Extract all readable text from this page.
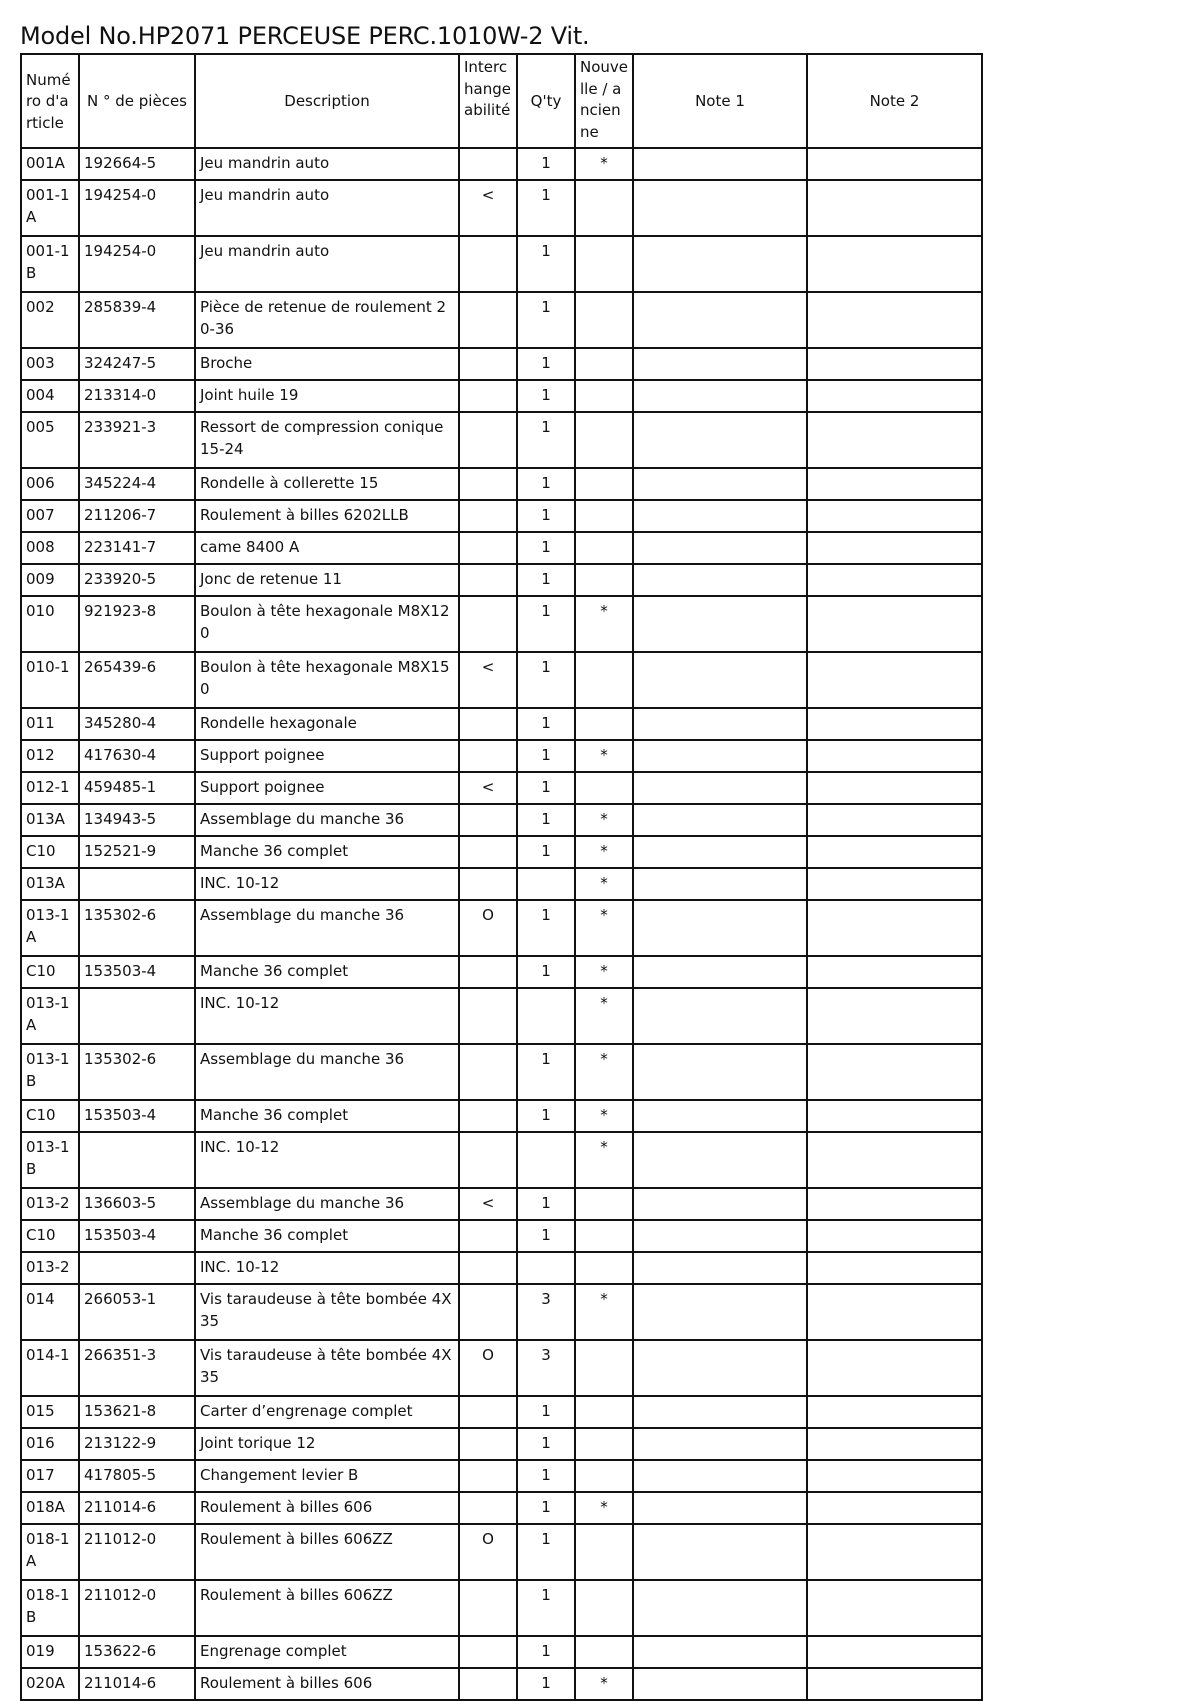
Model No.HP2071 PERCEUSE PERC.1010W-2 Vit.
Numéro d'article	N ° de pièces	Description	Interchangeabilité	Q'ty	Nouvelle / ancienne	Note 1	Note 2
001A	192664-5	Jeu mandrin auto		1	*		
001-1A	194254-0	Jeu mandrin auto	<	1			
001-1B	194254-0	Jeu mandrin auto		1			
002	285839-4	Pièce de retenue de roulement 20-36		1			
003	324247-5	Broche		1			
004	213314-0	Joint huile 19		1			
005	233921-3	Ressort de compression conique 15-24		1			
006	345224-4	Rondelle à collerette 15		1			
007	211206-7	Roulement à billes 6202LLB		1			
008	223141-7	came 8400 A		1			
009	233920-5	Jonc de retenue 11		1			
010	921923-8	Boulon à tête hexagonale M8X120		1	*		
010-1	265439-6	Boulon à tête hexagonale M8X150	<	1			
011	345280-4	Rondelle hexagonale		1			
012	417630-4	Support poignee		1	*		
012-1	459485-1	Support poignee	<	1			
013A	134943-5	Assemblage du manche 36		1	*		
C10	152521-9	Manche 36 complet		1	*		
013A		INC. 10-12			*		
013-1A	135302-6	Assemblage du manche 36	O	1	*		
C10	153503-4	Manche 36 complet		1	*		
013-1A		INC. 10-12			*		
013-1B	135302-6	Assemblage du manche 36		1	*		
C10	153503-4	Manche 36 complet		1	*		
013-1B		INC. 10-12			*		
013-2	136603-5	Assemblage du manche 36	<	1			
C10	153503-4	Manche 36 complet		1			
013-2		INC. 10-12					
014	266053-1	Vis taraudeuse à tête bombée 4X35		3	*		
014-1	266351-3	Vis taraudeuse à tête bombée 4X35	O	3			
015	153621-8	Carter d’engrenage complet		1			
016	213122-9	Joint torique 12		1			
017	417805-5	Changement levier B		1			
018A	211014-6	Roulement à billes 606		1	*		
018-1A	211012-0	Roulement à billes 606ZZ	O	1			
018-1B	211012-0	Roulement à billes 606ZZ		1			
019	153622-6	Engrenage complet		1			
020A	211014-6	Roulement à billes 606		1	*		
